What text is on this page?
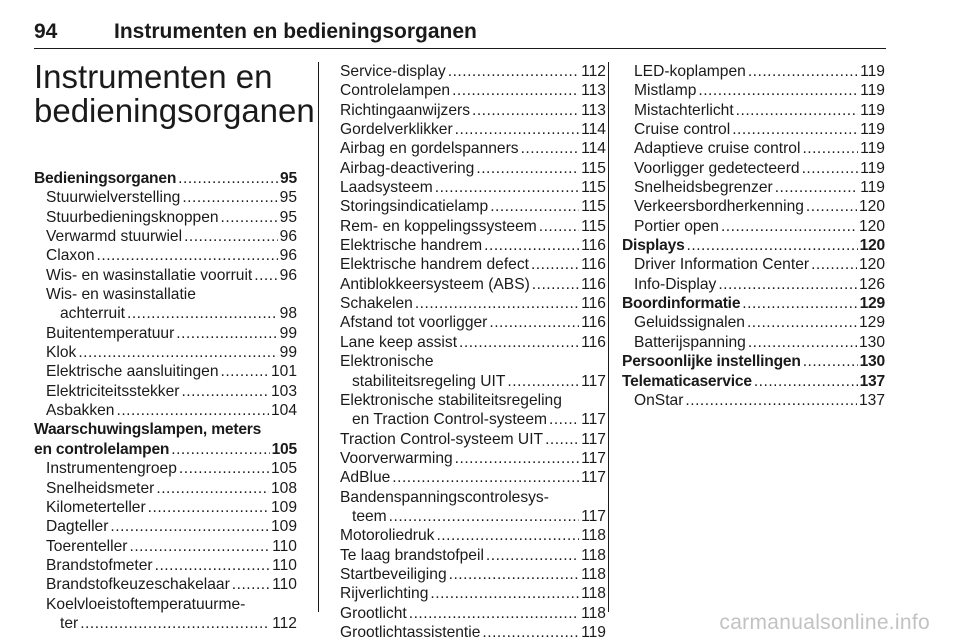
94	Instrumenten en bedieningsorganen
Instrumenten en
bedieningsorganen
Bedieningsorganen .....	95
Stuurwielverstelling .....	95
Stuurbedieningsknoppen .....	95
Verwarmd stuurwiel .....	96
Claxon .....	96
Wis- en wasinstallatie voorruit ..... 96
Wis- en wasinstallatie
achterruit .....	98
Buitentemperatuur .....	99
Klok .....	99
Elektrische aansluitingen .....	101
Elektriciteitsstekker .....	103
Asbakken .....	104
Waarschuwingslampen, meters
en controlelampen .....	105
Instrumentengroep .....	105
Snelheidsmeter .....	108
Kilometerteller .....	109
Dagteller .....	109
Toerenteller .....	110
Brandstofmeter .....	110
Brandstofkeuzeschakelaar .....	110
Koelvloeistoftemperatuurme-
ter .....	112
Service-display .....	112
Controlelampen .....	113
Richtingaanwijzers .....	113
Gordelverklikker .....	114
Airbag en gordelspanners .....	114
Airbag-deactivering .....	115
Laadsysteem .....	115
Storingsindicatielamp .....	115
Rem- en koppelingssysteem .....	115
Elektrische handrem .....	116
Elektrische handrem defect .....	116
Antiblokkeersysteem (ABS) .....	116
Schakelen .....	116
Afstand tot voorligger .....	116
Lane keep assist .....	116
Elektronische
stabiliteitsregeling UIT .....	117
Elektronische stabiliteitsregeling
en Traction Control-systeem ..... 117
Traction Control-systeem UIT ..... 117
Voorverwarming .....	117
AdBlue .....	117
Bandenspanningscontrolesys-
teem .....	117
Motoroliedruk .....	118
Te laag brandstofpeil .....	118
Startbeveiliging .....	118
Rijverlichting .....	118
Grootlicht .....	118
Grootlichtassistentie .....	119
LED-koplampen .....	119
Mistlamp .....	119
Mistachterlicht .....	119
Cruise control .....	119
Adaptieve cruise control .....	119
Voorligger gedetecteerd .....	119
Snelheidsbegrenzer .....	119
Verkeersbordherkenning .....	120
Portier open .....	120
Displays .....	120
Driver Information Center .....	120
Info-Display .....	126
Boordinformatie .....	129
Geluidssignalen .....	129
Batterijspanning .....	130
Persoonlijke instellingen .....	130
Telematicaservice .....	137
OnStar .....	137
carmanualsonline.info
